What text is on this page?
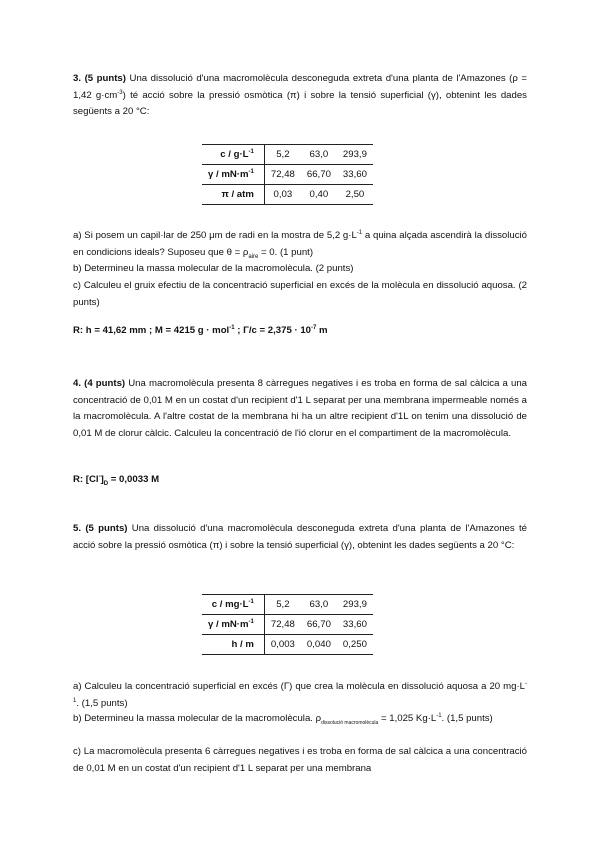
3. (5 punts) Una dissolució d'una macromolècula desconeguda extreta d'una planta de l'Amazones (ρ = 1,42 $g\cdot cm^{-3}$) té acció sobre la pressió osmòtica (π) i sobre la tensió superficial (γ), obtenint les dades següents a 20 °C:

$c / g\cdot L^{-1}$	5,2	63,0	293,9
$\gamma / mN\cdot m^{-1}$	72,48	66,70	33,60
π / atm	0,03	0,40	2,50

a) Si posem un capil·lar de 250 μm de radi en la mostra de 5,2 $g\cdot L^{-1}$ a quina alçada ascendirà la dissolució en condicions ideals? Suposeu que $\theta = \rho_{aire} = 0$. (1 punt)

b) Determineu la massa molecular de la macromolècula. (2 punts)

c) Calculeu el gruix efectiu de la concentració superficial en excés de la molècula en dissolució aquosa. (2 punts)

R: h = 41,62 mm ; M = 4215 g · mol$^{-1}$ ; $\Gamma/c = 2,375 \cdot 10^{-7}$ m

4. (4 punts) Una macromolècula presenta 8 càrregues negatives i es troba en forma de sal càlcica a una concentració de 0,01 M en un costat d'un recipient d'1 L separat per una membrana impermeable només a la macromolècula. A l'altre costat de la membrana hi ha un altre recipient d'1L on tenim una dissolució de 0,01 M de clorur càlcic. Calculeu la concentració de l'ió clorur en el compartiment de la macromolècula.

R: $[Cl^-]_D = 0,0033$ M

5. (5 punts) Una dissolució d'una macromolècula desconeguda extreta d'una planta de l'Amazones té acció sobre la pressió osmòtica (π) i sobre la tensió superficial (γ), obtenint les dades següents a 20 °C:

$c / mg\cdot L^{-1}$	5,2	63,0	293,9
$\gamma / mN\cdot m^{-1}$	72,48	66,70	33,60
h / m	0,003	0,040	0,250

a) Calculeu la concentració superficial en excés (Γ) que crea la molècula en dissolució aquosa a 20 $mg\cdot L^{-1}$. (1,5 punts)

b) Determineu la massa molecular de la macromolècula. $\rho_{dissolució macromolècula} = 1,025$ $Kg\cdot L^{-1}$. (1,5 punts)

c) La macromolècula presenta 6 càrregues negatives i es troba en forma de sal càlcica a una concentració de 0,01 M en un costat d'un recipient d'1 L separat per una membrana
